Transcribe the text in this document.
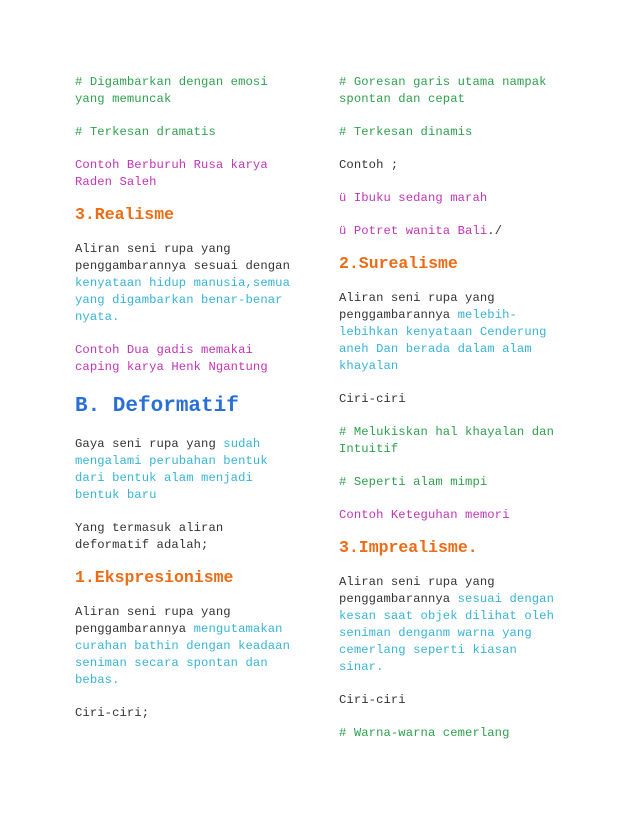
# Digambarkan dengan emosi yang memuncak

# Terkesan dramatis

Contoh Berburuh Rusa karya Raden Saleh

3.Realisme

Aliran seni rupa yang penggambarannya sesuai dengan kenyataan hidup manusia,semua yang digambarkan benar-benar nyata.

Contoh Dua gadis memakai caping karya Henk Ngantung

B. Deformatif

Gaya seni rupa yang sudah mengalami perubahan bentuk dari bentuk alam menjadi bentuk baru

Yang termasuk aliran deformatif adalah;

1.Ekspresionisme

Aliran seni rupa yang penggambarannya mengutamakan curahan bathin dengan keadaan seniman secara spontan dan bebas.

Ciri-ciri;

# Goresan garis utama nampak spontan dan cepat

# Terkesan dinamis

Contoh ;

ü Ibuku sedang marah

ü Potret wanita Bali./

2.Surealisme

Aliran seni rupa yang penggambarannya melebih-lebihkan kenyataan Cenderung aneh Dan berada dalam alam khayalan

Ciri-ciri

# Melukiskan hal khayalan dan Intuitif

# Seperti alam mimpi

Contoh Keteguhan memori

3.Imprealisme.

Aliran seni rupa yang penggambarannya sesuai dengan kesan saat objek dilihat oleh seniman denganm warna yang cemerlang seperti kiasan sinar.

Ciri-ciri

# Warna-warna cemerlang
